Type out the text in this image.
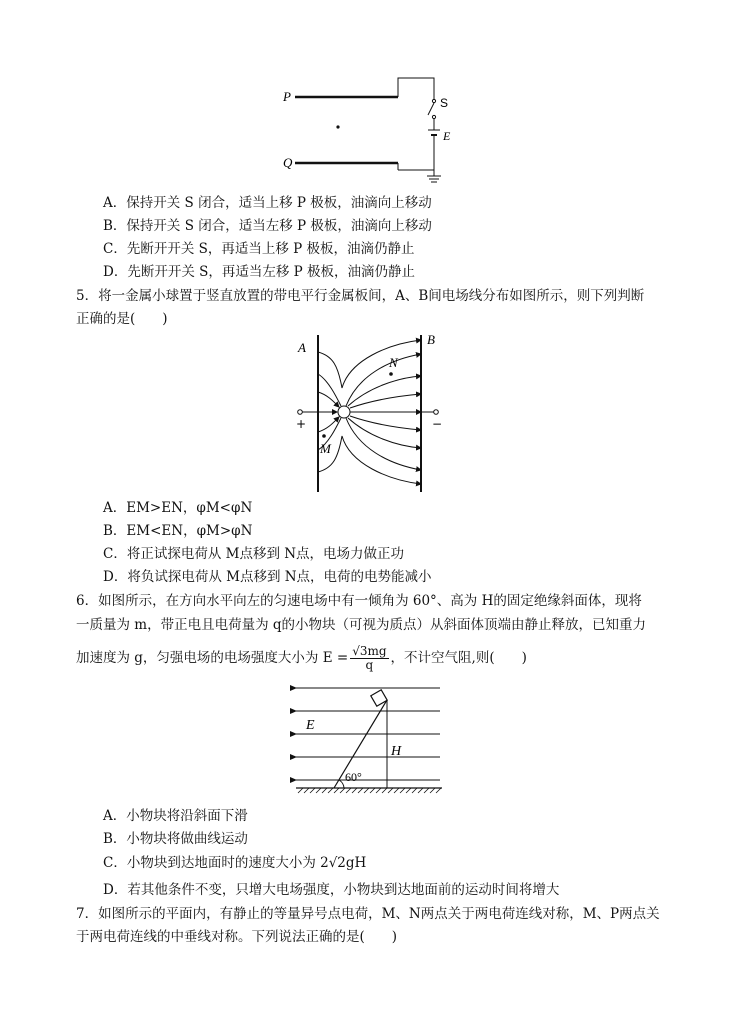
P
Q
S
E
A．保持开关 S 闭合，适当上移 P 极板，油滴向上移动
B．保持开关 S 闭合，适当左移 P 极板，油滴向上移动
C．先断开开关 S，再适当上移 P 极板，油滴仍静止
D．先断开开关 S，再适当左移 P 极板，油滴仍静止
5．将一金属小球置于竖直放置的带电平行金属板间，A、B间电场线分布如图所示，则下列判断
正确的是(　　)
A
B
N
M
+	−
A．EM>EN，φM<φN
B．EM<EN，φM>φN
C．将正试探电荷从 M点移到 N点，电场力做正功
D．将负试探电荷从 M点移到 N点，电荷的电势能减小
6．如图所示，在方向水平向左的匀速电场中有一倾角为 60°、高为 H的固定绝缘斜面体，现将
一质量为 m，带正电且电荷量为 q的小物块（可视为质点）从斜面体顶端由静止释放，已知重力
加速度为 g，匀强电场的电场强度大小为 $E = \frac{√3mg}{q}$ ，不计空气阻,则(　　)
E
H
60°
A．小物块将沿斜面下滑
B．小物块将做曲线运动
C．小物块到达地面时的速度大小为 2√2gH
D．若其他条件不变，只增大电场强度，小物块到达地面前的运动时间将增大
7．如图所示的平面内，有静止的等量异号点电荷，M、N两点关于两电荷连线对称，M、P两点关
于两电荷连线的中垂线对称。下列说法正确的是(　　)
